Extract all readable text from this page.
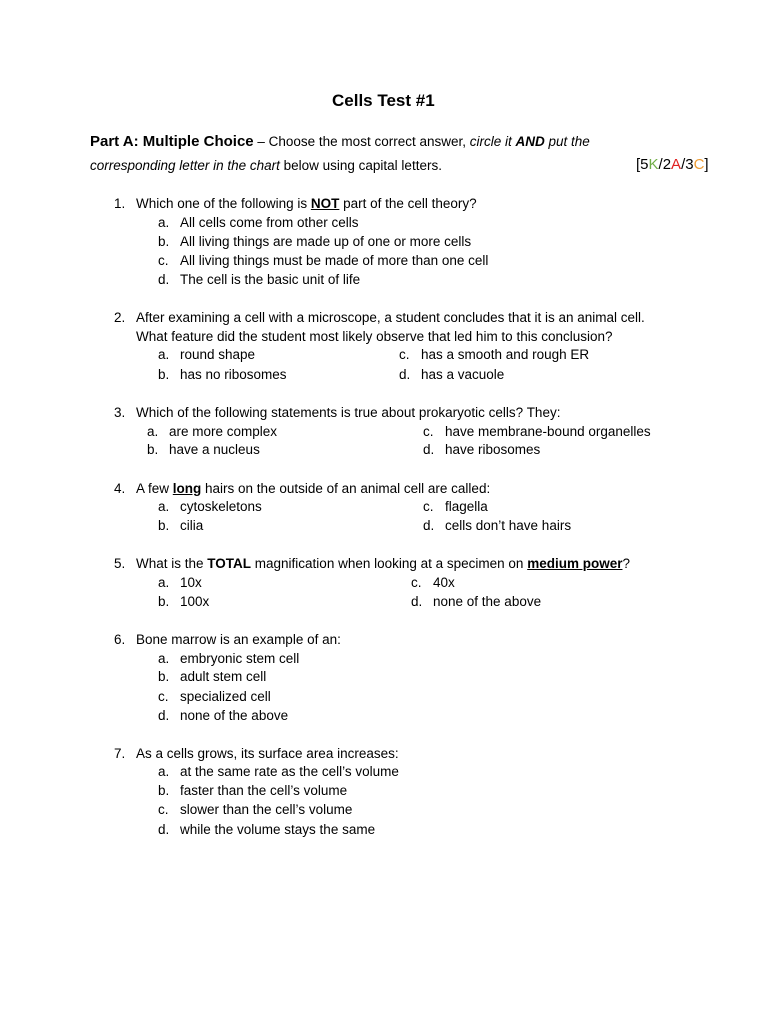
Cells Test #1
Part A: Multiple Choice – Choose the most correct answer, circle it AND put the
corresponding letter in the chart below using capital letters.	[5K/2A/3C]
1. Which one of the following is NOT part of the cell theory?
a. All cells come from other cells
b. All living things are made up of one or more cells
c. All living things must be made of more than one cell
d. The cell is the basic unit of life
2. After examining a cell with a microscope, a student concludes that it is an animal cell.
What feature did the student most likely observe that led him to this conclusion?
a. round shape
b. has no ribosomes
c. has a smooth and rough ER
d. has a vacuole
3. Which of the following statements is true about prokaryotic cells? They:
a. are more complex
b. have a nucleus
c. have membrane-bound organelles
d. have ribosomes
4. A few long hairs on the outside of an animal cell are called:
a. cytoskeletons
b. cilia
c. flagella
d. cells don’t have hairs
5. What is the TOTAL magnification when looking at a specimen on medium power?
a. 10x
b. 100x
c. 40x
d. none of the above
6. Bone marrow is an example of an:
a. embryonic stem cell
b. adult stem cell
c. specialized cell
d. none of the above
7. As a cells grows, its surface area increases:
a. at the same rate as the cell’s volume
b. faster than the cell’s volume
c. slower than the cell’s volume
d. while the volume stays the same
